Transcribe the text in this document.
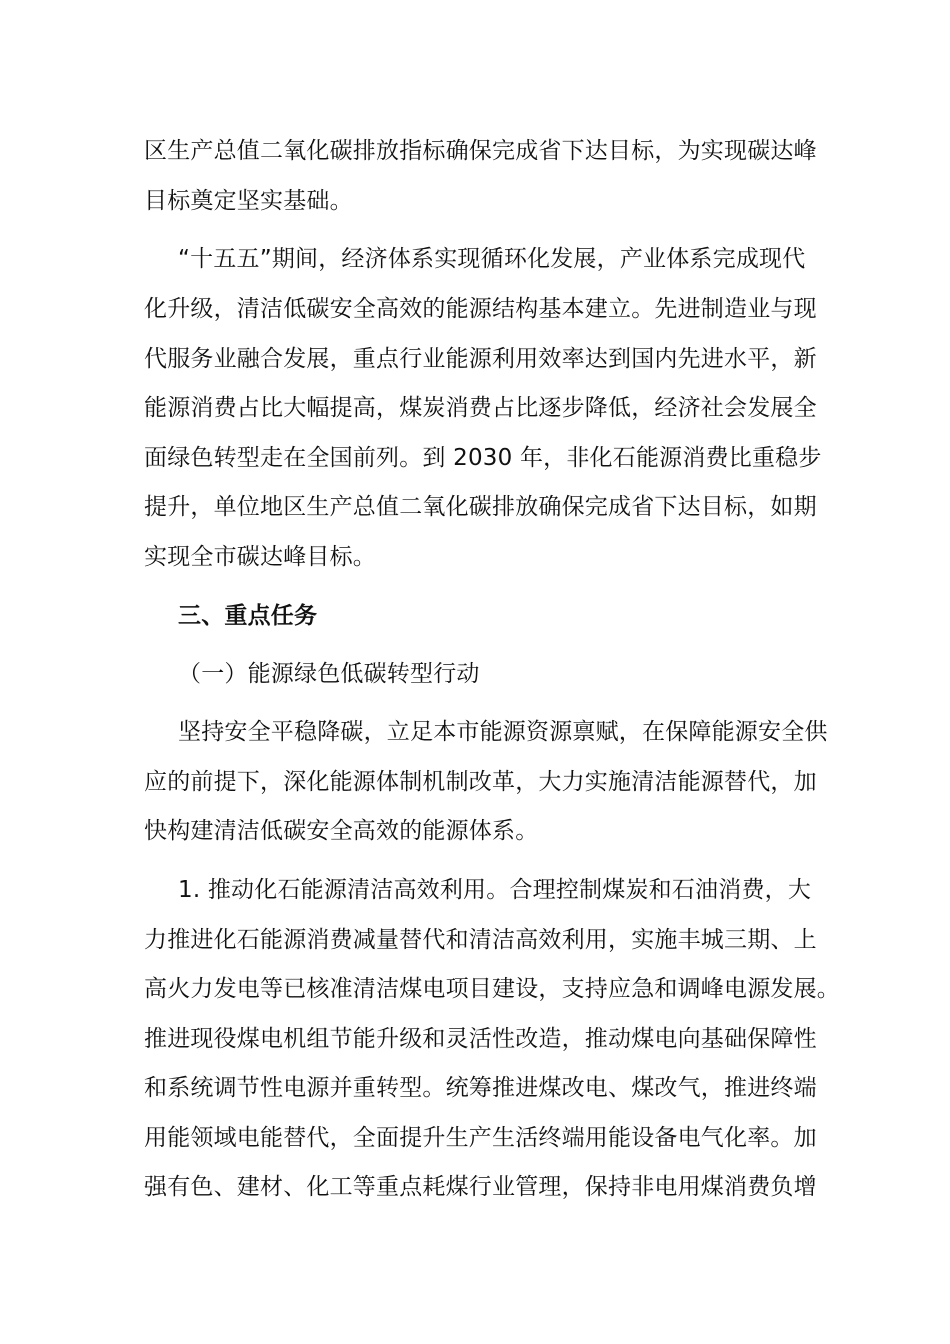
区生产总值二氧化碳排放指标确保完成省下达目标，为实现碳达峰
目标奠定坚实基础。
“十五五”期间，经济体系实现循环化发展，产业体系完成现代
化升级，清洁低碳安全高效的能源结构基本建立。先进制造业与现
代服务业融合发展，重点行业能源利用效率达到国内先进水平，新
能源消费占比大幅提高，煤炭消费占比逐步降低，经济社会发展全
面绿色转型走在全国前列。到 2030 年，非化石能源消费比重稳步
提升，单位地区生产总值二氧化碳排放确保完成省下达目标，如期
实现全市碳达峰目标。
三、重点任务
（一）能源绿色低碳转型行动
坚持安全平稳降碳，立足本市能源资源禀赋，在保障能源安全供
应的前提下，深化能源体制机制改革，大力实施清洁能源替代，加
快构建清洁低碳安全高效的能源体系。
1. 推动化石能源清洁高效利用。合理控制煤炭和石油消费，大
力推进化石能源消费减量替代和清洁高效利用，实施丰城三期、上
高火力发电等已核准清洁煤电项目建设，支持应急和调峰电源发展。
推进现役煤电机组节能升级和灵活性改造，推动煤电向基础保障性
和系统调节性电源并重转型。统筹推进煤改电、煤改气，推进终端
用能领域电能替代，全面提升生产生活终端用能设备电气化率。加
强有色、建材、化工等重点耗煤行业管理，保持非电用煤消费负增
